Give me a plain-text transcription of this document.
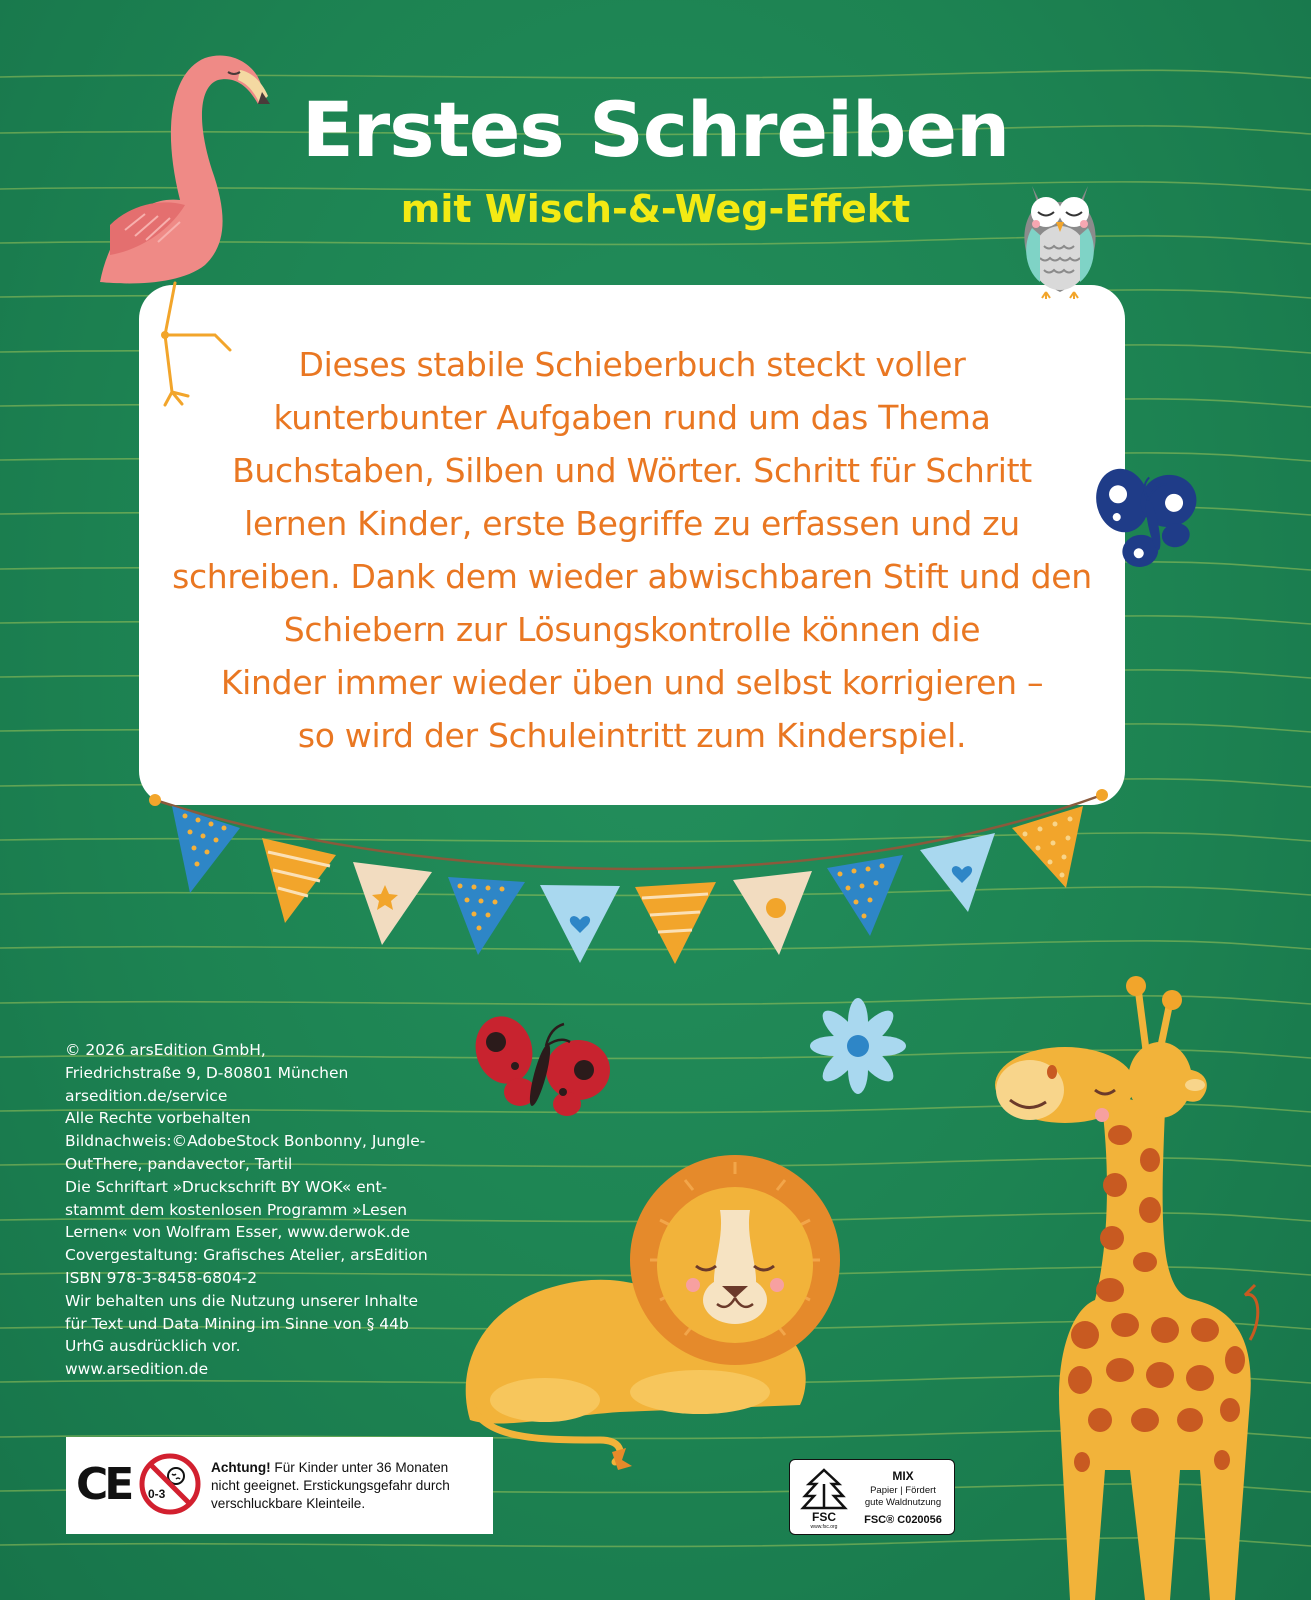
Erstes Schreiben
mit Wisch-&-Weg-Effekt
Dieses stabile Schieberbuch steckt voller
kunterbunter Aufgaben rund um das Thema
Buchstaben, Silben und Wörter. Schritt für Schritt
lernen Kinder, erste Begriffe zu erfassen und zu
schreiben. Dank dem wieder abwischbaren Stift und den
Schiebern zur Lösungskontrolle können die
Kinder immer wieder üben und selbst korrigieren –
so wird der Schuleintritt zum Kinderspiel.
© 2026 arsEdition GmbH,
Friedrichstraße 9, D-80801 München
arsedition.de/service
Alle Rechte vorbehalten
Bildnachweis:©AdobeStock Bonbonny, Jungle-
OutThere, pandavector, Tartil
Die Schriftart »Druckschrift BY WOK« ent-
stammt dem kostenlosen Programm »Lesen
Lernen« von Wolfram Esser, www.derwok.de
Covergestaltung: Grafisches Atelier, arsEdition
ISBN 978-3-8458-6804-2
Wir behalten uns die Nutzung unserer Inhalte
für Text und Data Mining im Sinne von § 44b
UrhG ausdrücklich vor.
www.arsedition.de
CE 0-3
Achtung! Für Kinder unter 36 Monaten
nicht geeignet. Erstickungsgefahr durch
verschluckbare Kleinteile.
FSC
www.fsc.org
MIX
Papier | Fördert
gute Waldnutzung
FSC® C020056
